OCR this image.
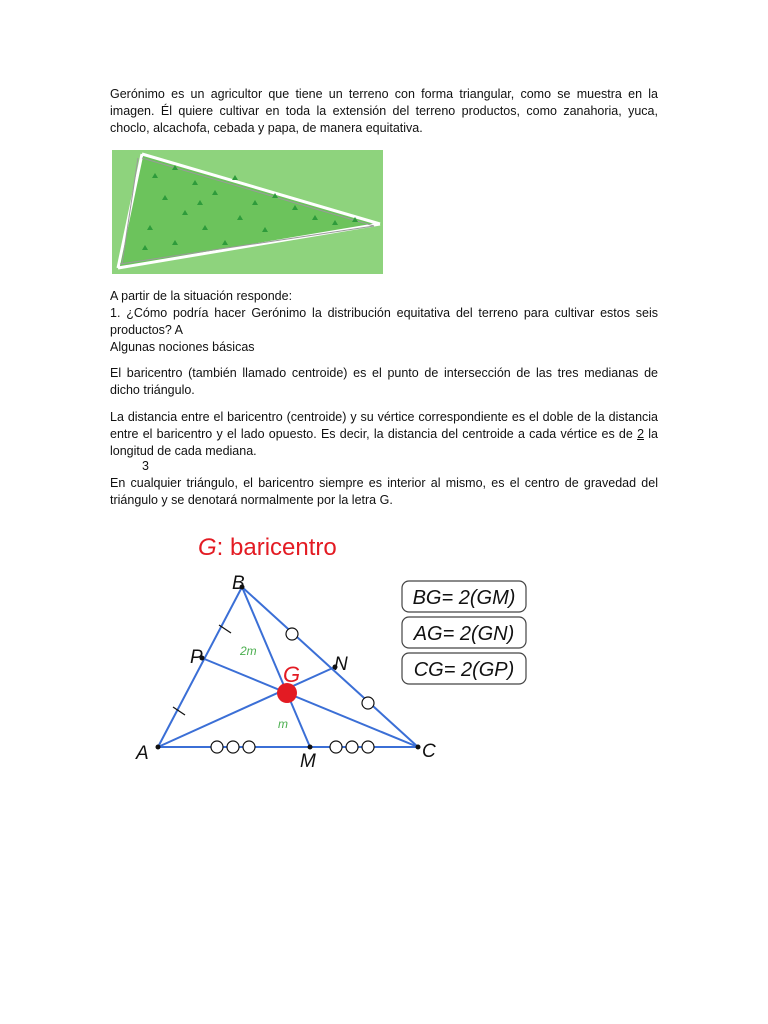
Gerónimo es un agricultor que tiene un terreno con forma triangular, como se muestra en la imagen. Él quiere cultivar en toda la extensión del terreno productos, como zanahoria, yuca, choclo, alcachofa, cebada y papa, de manera equitativa.
A partir de la situación responde:
1. ¿Cómo podría hacer Gerónimo la distribución equitativa del terreno para cultivar estos seis productos? A
Algunas nociones básicas
El baricentro (también llamado centroide) es el punto de intersección de las tres medianas de dicho triángulo.
La distancia entre el baricentro (centroide) y su vértice correspondiente es el doble de la distancia entre el baricentro y el lado opuesto. Es decir, la distancia del centroide a cada vértice es de 2 la longitud de cada mediana.
3
En cualquier triángulo, el baricentro siempre es interior al mismo, es el centro de gravedad del triángulo y se denotará normalmente por la letra G.
G: baricentro
B
A	C
M
N
P
G
2m
m
BG= 2(GM)
AG= 2(GN)
CG= 2(GP)
